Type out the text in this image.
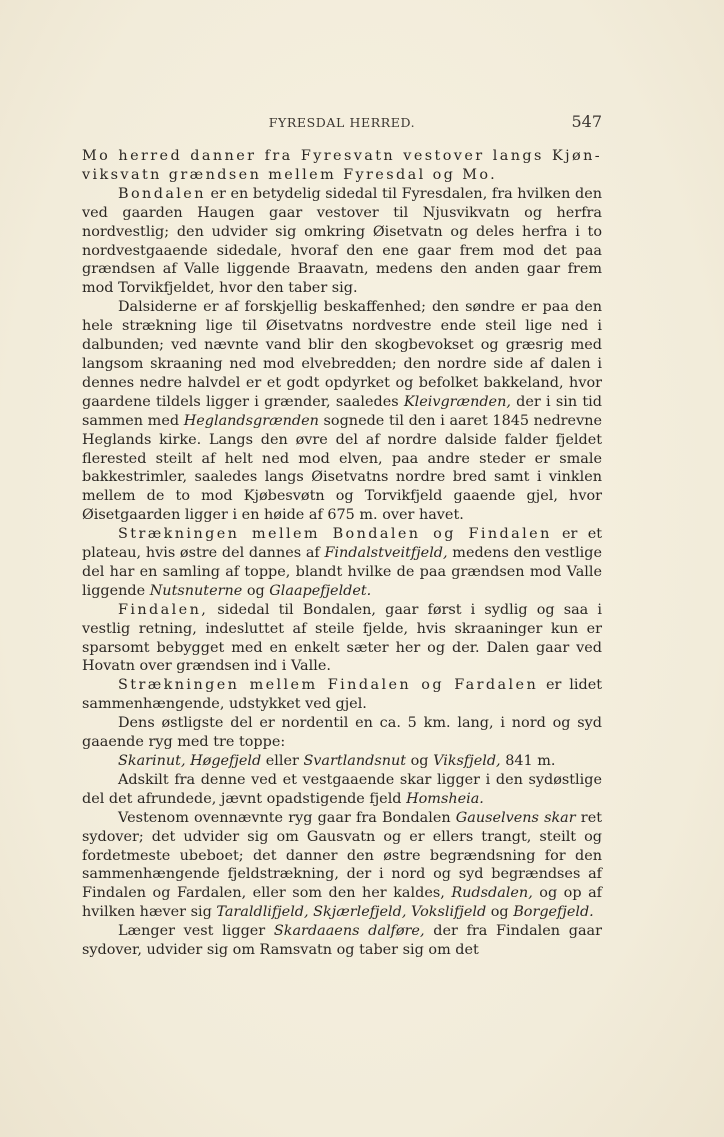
FYRESDAL HERRED.	547

Mo herred danner fra Fyresvatn vestover langs Kjøn-viksvatn grændsen mellem Fyresdal og Mo.

Bondalen er en betydelig sidedal til Fyresdalen, fra hvilken den ved gaarden Haugen gaar vestover til Njusvikvatn og herfra nordvestlig; den udvider sig omkring Øisetvatn og deles herfra i to nordvestgaaende sidedale, hvoraf den ene gaar frem mod det paa grændsen af Valle liggende Braavatn, medens den anden gaar frem mod Torvikfjeldet, hvor den taber sig.

Dalsiderne er af forskjellig beskaffenhed; den søndre er paa den hele strækning lige til Øisetvatns nordvestre ende steil lige ned i dalbunden; ved nævnte vand blir den skogbevokset og græsrig med langsom skraaning ned mod elvebredden; den nordre side af dalen i dennes nedre halvdel er et godt opdyrket og befolket bakkeland, hvor gaardene tildels ligger i grænder, saaledes Kleivgrænden, der i sin tid sammen med Heglandsgrænden sognede til den i aaret 1845 nedrevne Heglands kirke. Langs den øvre del af nordre dalside falder fjeldet flerested steilt af helt ned mod elven, paa andre steder er smale bakkestrimler, saaledes langs Øisetvatns nordre bred samt i vinklen mellem de to mod Kjøbesvøtn og Torvikfjeld gaaende gjel, hvor Øisetgaarden ligger i en høide af 675 m. over havet.

Strækningen mellem Bondalen og Findalen er et plateau, hvis østre del dannes af Findalstveitfjeld, medens den vestlige del har en samling af toppe, blandt hvilke de paa grændsen mod Valle liggende Nutsnuterne og Glaapefjeldet.

Findalen, sidedal til Bondalen, gaar først i sydlig og saa i vestlig retning, indesluttet af steile fjelde, hvis skraaninger kun er sparsomt bebygget med en enkelt sæter her og der. Dalen gaar ved Hovatn over grændsen ind i Valle.

Strækningen mellem Findalen og Fardalen er lidet sammenhængende, udstykket ved gjel.

Dens østligste del er nordentil en ca. 5 km. lang, i nord og syd gaaende ryg med tre toppe:

Skarinut, Høgefjeld eller Svartlandsnut og Viksfjeld, 841 m.

Adskilt fra denne ved et vestgaaende skar ligger i den sydøstlige del det afrundede, jævnt opadstigende fjeld Homsheia.

Vestenom ovennævnte ryg gaar fra Bondalen Gauselvens skar ret sydover; det udvider sig om Gausvatn og er ellers trangt, steilt og fordetmeste ubeboet; det danner den østre begrændsning for den sammenhængende fjeldstrækning, der i nord og syd begrændses af Findalen og Fardalen, eller som den her kaldes, Rudsdalen, og op af hvilken hæver sig Taraldlifjeld, Skjærlefjeld, Vokslifjeld og Borgefjeld.

Længer vest ligger Skardaaens dalføre, der fra Findalen gaar sydover, udvider sig om Ramsvatn og taber sig om det
